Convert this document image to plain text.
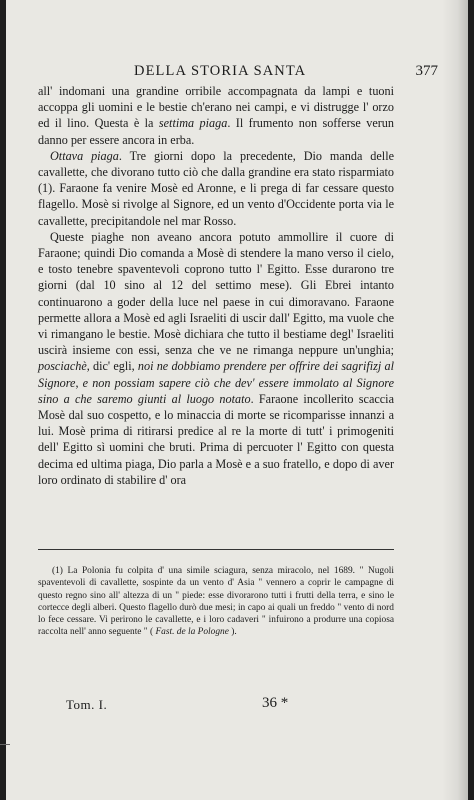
DELLA STORIA SANTA	377

all' indomani una grandine orribile accompagnata da lampi e tuoni accoppa gli uomini e le bestie ch'erano nei campi, e vi distrugge l' orzo ed il lino. Questa è la settima piaga. Il frumento non sofferse verun danno per essere ancora in erba.

Ottava piaga. Tre giorni dopo la precedente, Dio manda delle cavallette, che divorano tutto ciò che dalla grandine era stato risparmiato (1). Faraone fa venire Mosè ed Aronne, e li prega di far cessare questo flagello. Mosè si rivolge al Signore, ed un vento d'Occidente porta via le cavallette, precipitandole nel mar Rosso.

Queste piaghe non aveano ancora potuto ammollire il cuore di Faraone; quindi Dio comanda a Mosè di stendere la mano verso il cielo, e tosto tenebre spaventevoli coprono tutto l' Egitto. Esse durarono tre giorni (dal 10 sino al 12 del settimo mese). Gli Ebrei intanto continuarono a goder della luce nel paese in cui dimoravano. Faraone permette allora a Mosè ed agli Israeliti di uscir dall' Egitto, ma vuole che vi rimangano le bestie. Mosè dichiara che tutto il bestiame degl' Israeliti uscirà insieme con essi, senza che ve ne rimanga neppure un'unghia; posciachè, dic' egli, noi ne dobbiamo prendere per offrire dei sagrifizj al Signore, e non possiam sapere ciò che dev' essere immolato al Signore sino a che saremo giunti al luogo notato. Faraone incollerito scaccia Mosè dal suo cospetto, e lo minaccia di morte se ricomparisse innanzi a lui. Mosè prima di ritirarsi predice al re la morte di tutt' i primogeniti dell' Egitto sì uomini che bruti. Prima di percuoter l' Egitto con questa decima ed ultima piaga, Dio parla a Mosè e a suo fratello, e dopo di aver loro ordinato di stabilire d' ora

(1) La Polonia fu colpita d' una simile sciagura, senza miracolo, nel 1689. " Nugoli spaventevoli di cavallette, sospinte da un vento d' Asia " vennero a coprir le campagne di questo regno sino all' altezza di un " piede: esse divorarono tutti i frutti della terra, e sino le cortecce degli alberi. Questo flagello durò due mesi; in capo ai quali un freddo " vento di nord lo fece cessare. Vi perirono le cavallette, e i loro cadaveri " infuirono a produrre una copiosa raccolta nell' anno seguente " ( Fast. de la Pologne ).

Tom. I.	36 *
